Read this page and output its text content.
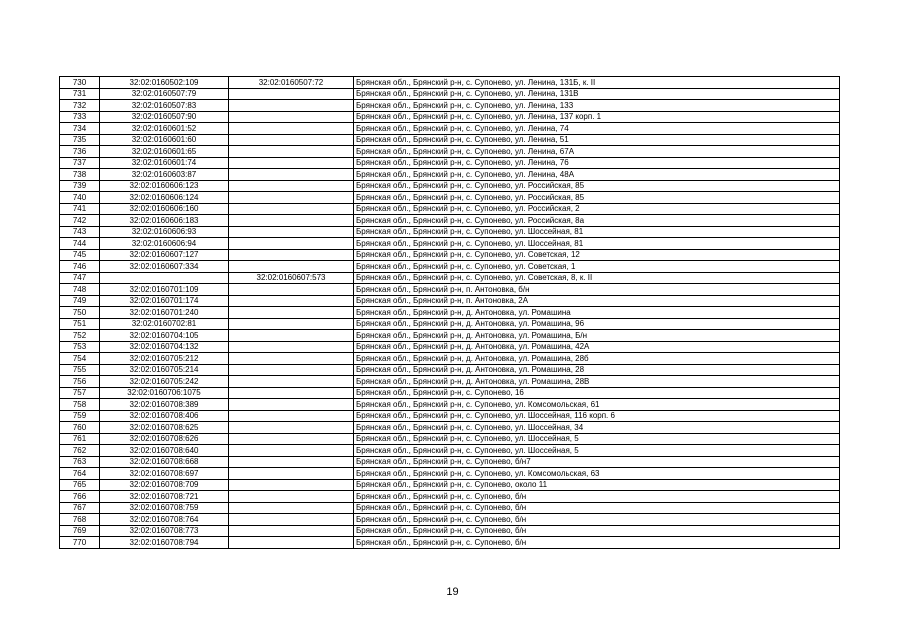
730	32:02:0160502:109	32:02:0160507:72	Брянская обл., Брянский р-н, с. Супонево, ул. Ленина, 131Б, к. II
731	32:02:0160507:79		Брянская обл., Брянский р-н, с. Супонево, ул. Ленина, 131В
732	32:02:0160507:83		Брянская обл., Брянский р-н, с. Супонево, ул. Ленина, 133
733	32:02:0160507:90		Брянская обл., Брянский р-н, с. Супонево, ул. Ленина, 137 корп. 1
734	32:02:0160601:52		Брянская обл., Брянский р-н, с. Супонево, ул. Ленина, 74
735	32:02:0160601:60		Брянская обл., Брянский р-н, с. Супонево, ул. Ленина, 51
736	32:02:0160601:65		Брянская обл., Брянский р-н, с. Супонево, ул. Ленина, 67А
737	32:02:0160601:74		Брянская обл., Брянский р-н, с. Супонево, ул. Ленина, 76
738	32:02:0160603:87		Брянская обл., Брянский р-н, с. Супонево, ул. Ленина, 48А
739	32:02:0160606:123		Брянская обл., Брянский р-н, с. Супонево, ул. Российская, 85
740	32:02:0160606:124		Брянская обл., Брянский р-н, с. Супонево, ул. Российская, 85
741	32:02:0160606:160		Брянская обл., Брянский р-н, с. Супонево, ул. Российская, 2
742	32:02:0160606:183		Брянская обл., Брянский р-н, с. Супонево, ул. Российская, 8а
743	32:02:0160606:93		Брянская обл., Брянский р-н, с. Супонево, ул. Шоссейная, 81
744	32:02:0160606:94		Брянская обл., Брянский р-н, с. Супонево, ул. Шоссейная, 81
745	32:02:0160607:127		Брянская обл., Брянский р-н, с. Супонево, ул. Советская, 12
746	32:02:0160607:334		Брянская обл., Брянский р-н, с. Супонево, ул. Советская, 1
747		32:02:0160607:573	Брянская обл., Брянский р-н, с. Супонево, ул. Советская, 8, к. II
748	32:02:0160701:109		Брянская обл., Брянский р-н, п. Антоновка, б/н
749	32:02:0160701:174		Брянская обл., Брянский р-н, п. Антоновка, 2А
750	32:02:0160701:240		Брянская обл., Брянский р-н, д. Антоновка, ул. Ромашина
751	32:02:0160702:81		Брянская обл., Брянский р-н, д. Антоновка, ул. Ромашина, 96
752	32:02:0160704:105		Брянская обл., Брянский р-н, д. Антоновка, ул. Ромашина, Б/н
753	32:02:0160704:132		Брянская обл., Брянский р-н, д. Антоновка, ул. Ромашина, 42А
754	32:02:0160705:212		Брянская обл., Брянский р-н, д. Антоновка, ул. Ромашина, 28б
755	32:02:0160705:214		Брянская обл., Брянский р-н, д. Антоновка, ул. Ромашина, 28
756	32:02:0160705:242		Брянская обл., Брянский р-н, д. Антоновка, ул. Ромашина, 28В
757	32:02:0160706:1075		Брянская обл., Брянский р-н, с. Супонево, 16
758	32:02:0160708:389		Брянская обл., Брянский р-н, с. Супонево, ул. Комсомольская, 61
759	32:02:0160708:406		Брянская обл., Брянский р-н, с. Супонево, ул. Шоссейная, 116 корп. 6
760	32:02:0160708:625		Брянская обл., Брянский р-н, с. Супонево, ул. Шоссейная, 34
761	32:02:0160708:626		Брянская обл., Брянский р-н, с. Супонево, ул. Шоссейная, 5
762	32:02:0160708:640		Брянская обл., Брянский р-н, с. Супонево, ул. Шоссейная, 5
763	32:02:0160708:668		Брянская обл., Брянский р-н, с. Супонево, б/н7
764	32:02:0160708:697		Брянская обл., Брянский р-н, с. Супонево, ул. Комсомольская, 63
765	32:02:0160708:709		Брянская обл., Брянский р-н, с. Супонево, около 11
766	32:02:0160708:721		Брянская обл., Брянский р-н, с. Супонево, б/н
767	32:02:0160708:759		Брянская обл., Брянский р-н, с. Супонево, б/н
768	32:02:0160708:764		Брянская обл., Брянский р-н, с. Супонево, б/н
769	32:02:0160708:773		Брянская обл., Брянский р-н, с. Супонево, б/н
770	32:02:0160708:794		Брянская обл., Брянский р-н, с. Супонево, б/н
19
